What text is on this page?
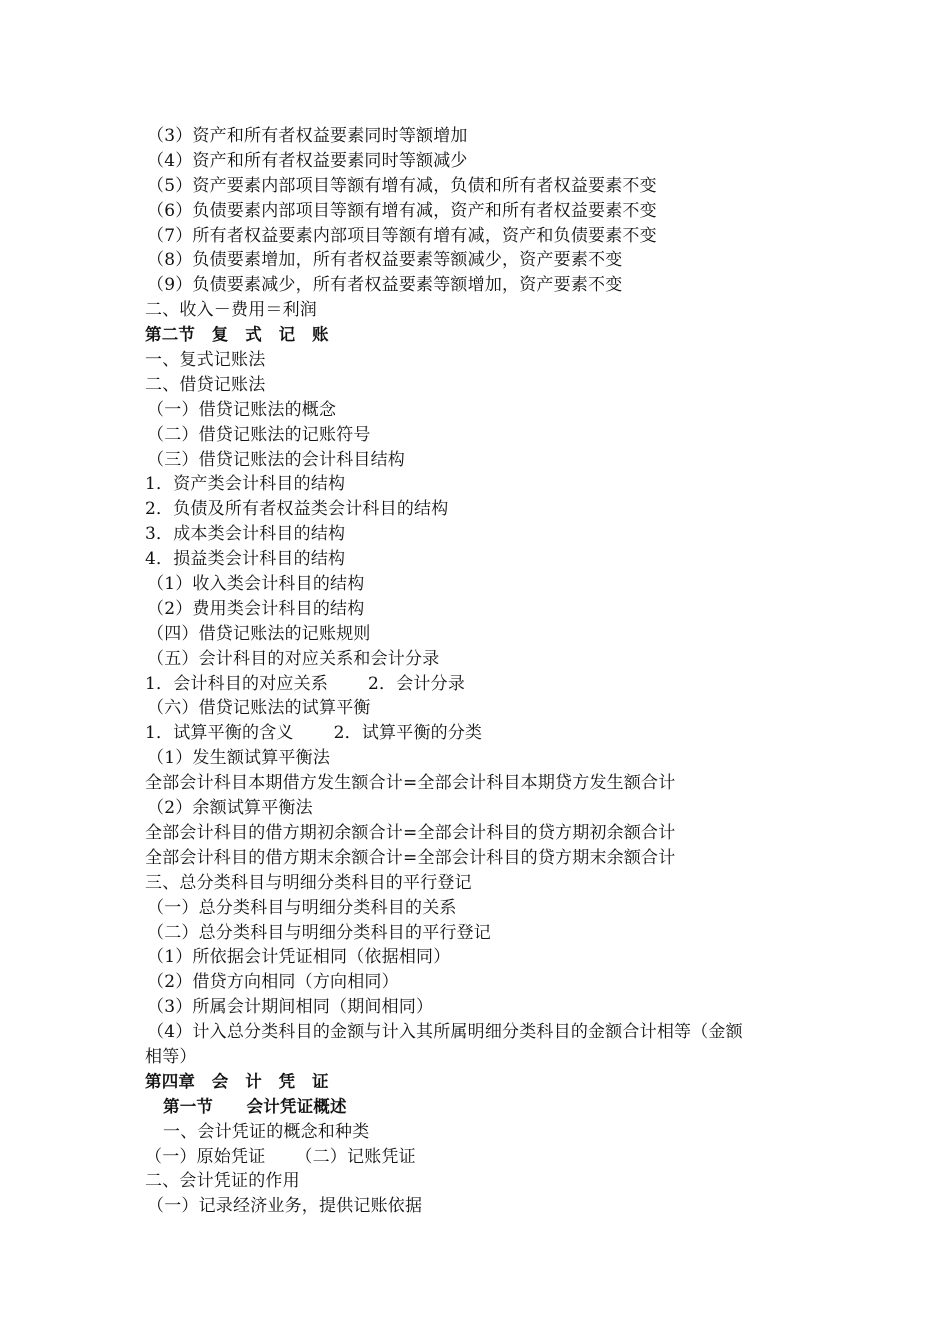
（3）资产和所有者权益要素同时等额增加
（4）资产和所有者权益要素同时等额减少
（5）资产要素内部项目等额有增有减，负债和所有者权益要素不变
（6）负债要素内部项目等额有增有减，资产和所有者权益要素不变
（7）所有者权益要素内部项目等额有增有减，资产和负债要素不变
（8）负债要素增加，所有者权益要素等额减少，资产要素不变
（9）负债要素减少，所有者权益要素等额增加，资产要素不变
二、收入－费用＝利润
第二节　复　式　记　账
一、复式记账法
二、借贷记账法
（一）借贷记账法的概念
（二）借贷记账法的记账符号
（三）借贷记账法的会计科目结构
1．资产类会计科目的结构
2．负债及所有者权益类会计科目的结构
3．成本类会计科目的结构
4．损益类会计科目的结构
（1）收入类会计科目的结构
（2）费用类会计科目的结构
（四）借贷记账法的记账规则
（五）会计科目的对应关系和会计分录
1．会计科目的对应关系 2．会计分录
（六）借贷记账法的试算平衡
1．试算平衡的含义 2．试算平衡的分类
（1）发生额试算平衡法
全部会计科目本期借方发生额合计=全部会计科目本期贷方发生额合计
（2）余额试算平衡法
全部会计科目的借方期初余额合计=全部会计科目的贷方期初余额合计
全部会计科目的借方期末余额合计=全部会计科目的贷方期末余额合计
三、总分类科目与明细分类科目的平行登记
（一）总分类科目与明细分类科目的关系
（二）总分类科目与明细分类科目的平行登记
（1）所依据会计凭证相同（依据相同）
（2）借贷方向相同（方向相同）
（3）所属会计期间相同（期间相同）
（4）计入总分类科目的金额与计入其所属明细分类科目的金额合计相等（金额
相等）
第四章　会　计　凭　证
第一节　　会计凭证概述
一、会计凭证的概念和种类
（一）原始凭证 （二）记账凭证
二、会计凭证的作用
（一）记录经济业务，提供记账依据
